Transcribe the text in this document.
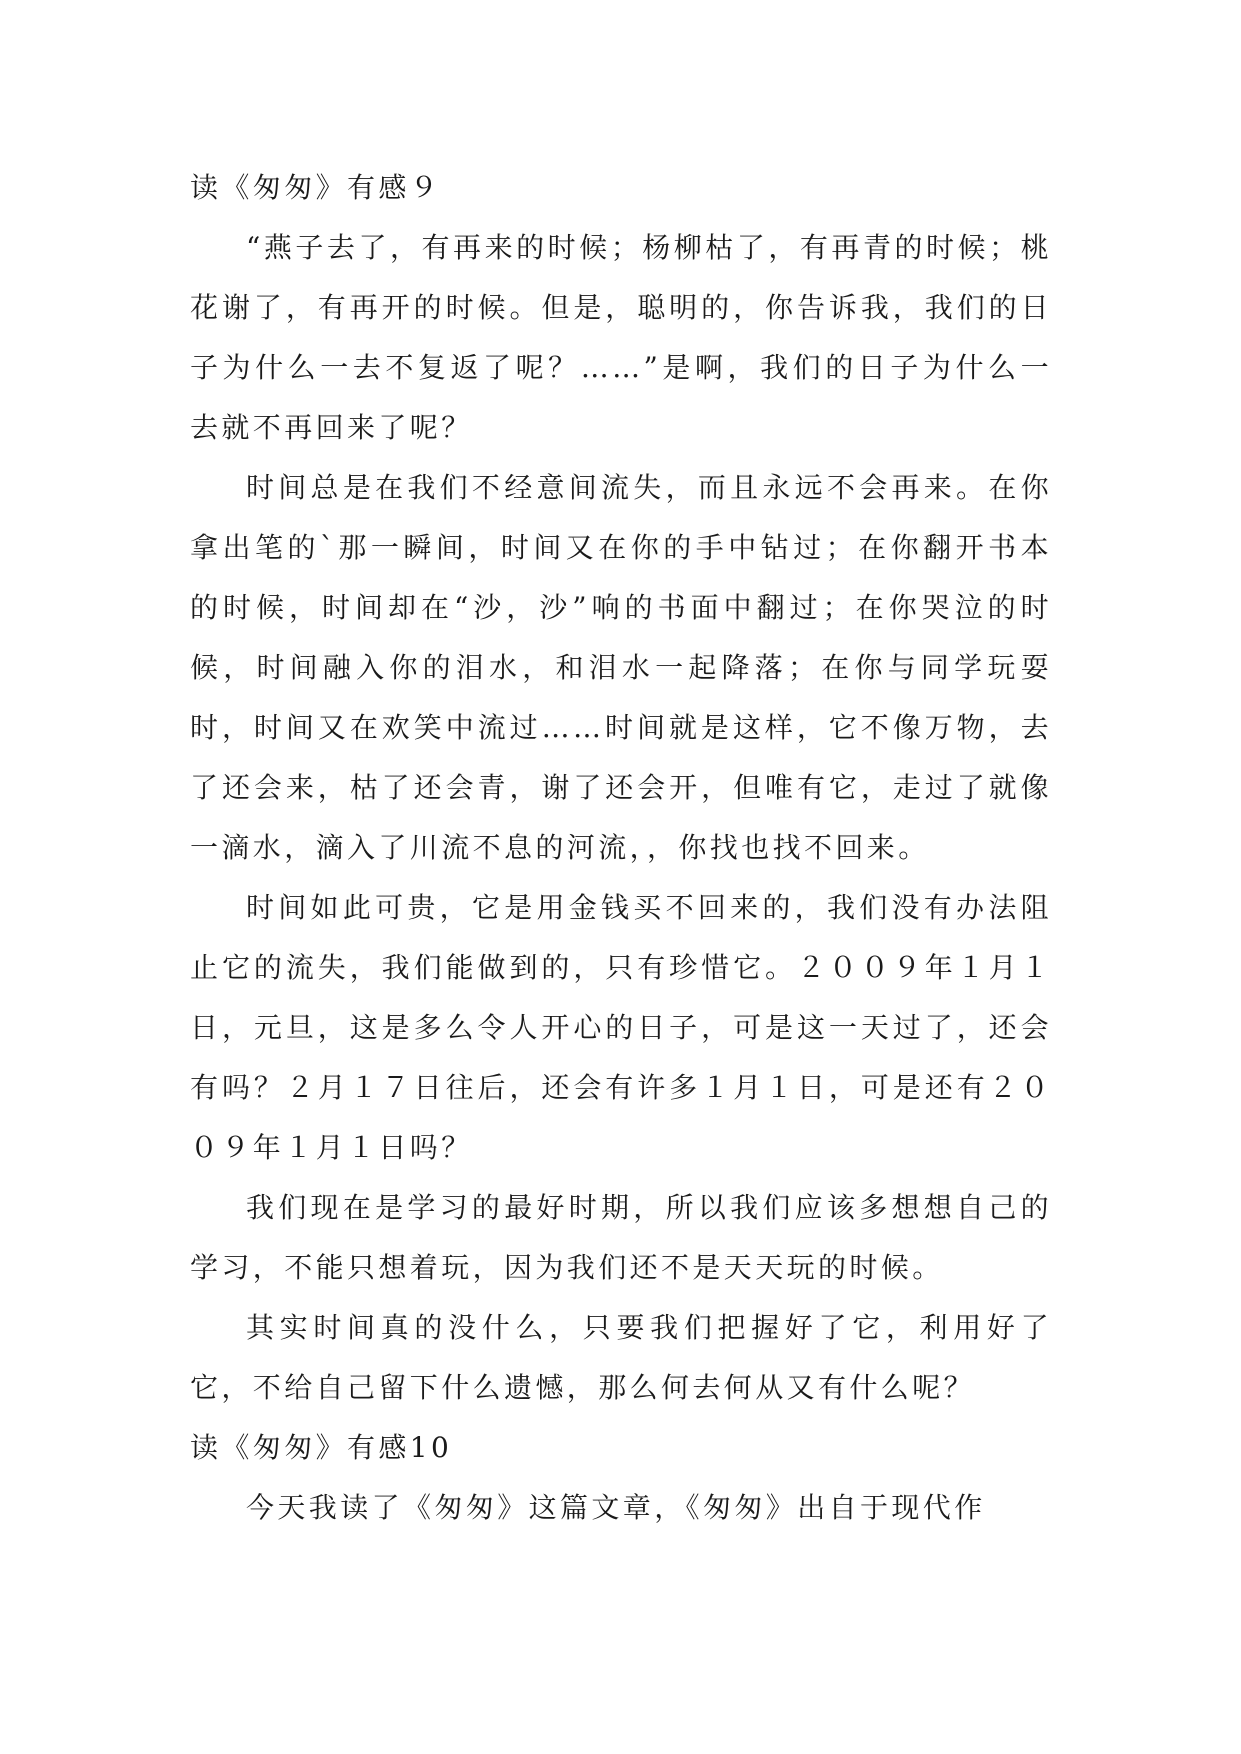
读《匆匆》有感９

“燕子去了，有再来的时候；杨柳枯了，有再青的时候；桃花谢了，有再开的时候。但是，聪明的，你告诉我，我们的日子为什么一去不复返了呢？……”是啊，我们的日子为什么一去就不再回来了呢？

时间总是在我们不经意间流失，而且永远不会再来。在你拿出笔的`那一瞬间，时间又在你的手中钻过；在你翻开书本的时候，时间却在“沙，沙”响的书面中翻过；在你哭泣的时候，时间融入你的泪水，和泪水一起降落；在你与同学玩耍时，时间又在欢笑中流过……时间就是这样，它不像万物，去了还会来，枯了还会青，谢了还会开，但唯有它，走过了就像一滴水，滴入了川流不息的河流，，你找也找不回来。

时间如此可贵，它是用金钱买不回来的，我们没有办法阻止它的流失，我们能做到的，只有珍惜它。２００９年１月１日，元旦，这是多么令人开心的日子，可是这一天过了，还会有吗？２月１７日往后，还会有许多１月１日，可是还有２００９年１月１日吗？

我们现在是学习的最好时期，所以我们应该多想想自己的学习，不能只想着玩，因为我们还不是天天玩的时候。

其实时间真的没什么，只要我们把握好了它，利用好了它，不给自己留下什么遗憾，那么何去何从又有什么呢？

读《匆匆》有感10

今天我读了《匆匆》这篇文章，《匆匆》出自于现代作
